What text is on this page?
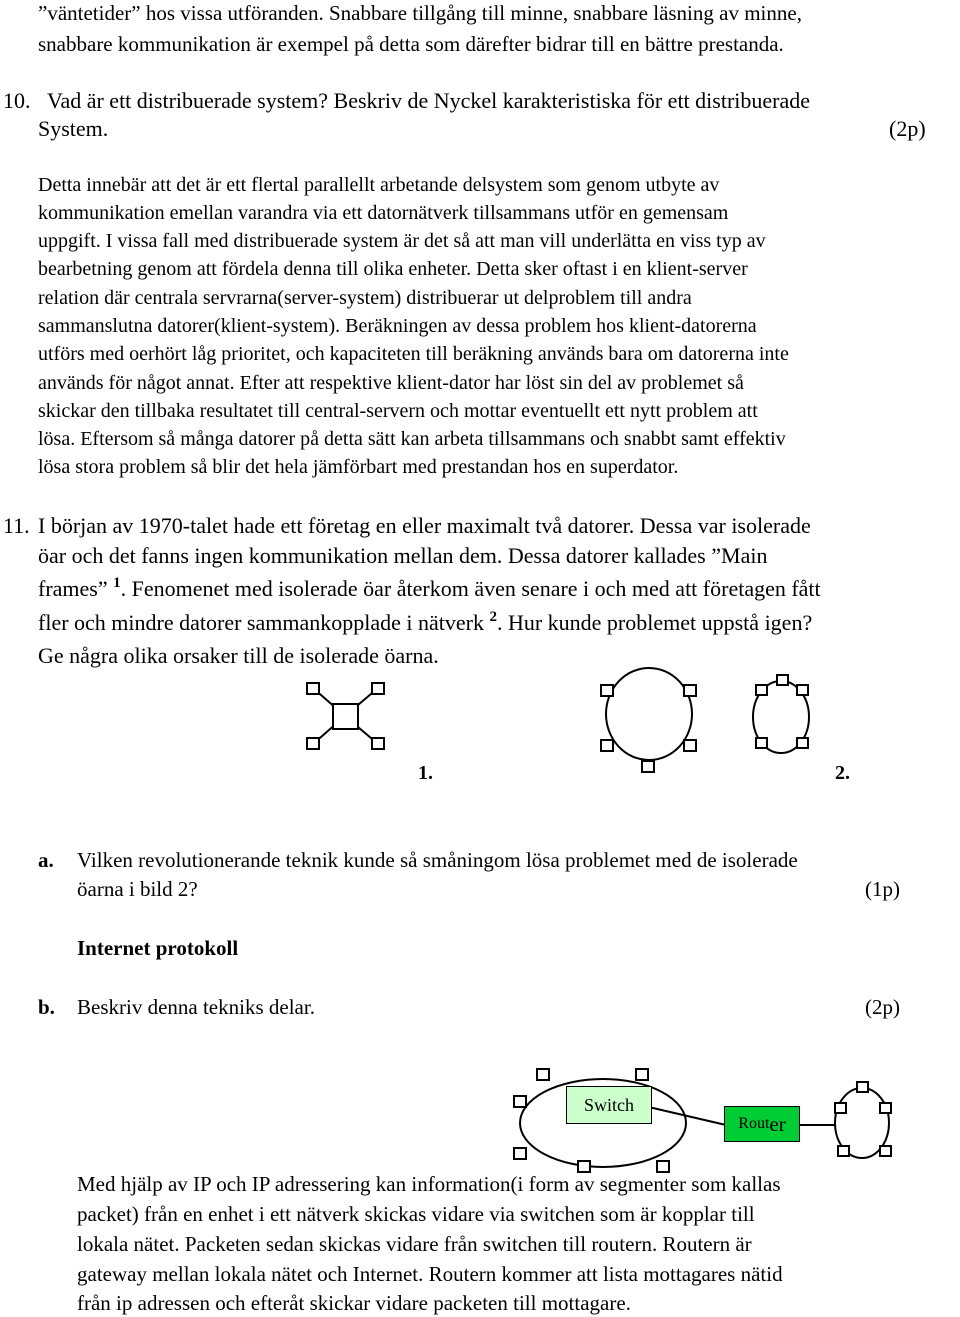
”väntetider” hos vissa utföranden. Snabbare tillgång till minne, snabbare läsning av minne,
snabbare kommunikation är exempel på detta som därefter bidrar till en bättre prestanda.
10. Vad är ett distribuerade system? Beskriv de Nyckel karakteristiska för ett distribuerade
System.	(2p)
Detta innebär att det är ett flertal parallellt arbetande delsystem som genom utbyte av
kommunikation emellan varandra via ett datornätverk tillsammans utför en gemensam
uppgift. I vissa fall med distribuerade system är det så att man vill underlätta en viss typ av
bearbetning genom att fördela denna till olika enheter. Detta sker oftast i en klient-server
relation där centrala servrarna(server-system) distribuerar ut delproblem till andra
sammanslutna datorer(klient-system). Beräkningen av dessa problem hos klient-datorerna
utförs med oerhört låg prioritet, och kapaciteten till beräkning används bara om datorerna inte
används för något annat. Efter att respektive klient-dator har löst sin del av problemet så
skickar den tillbaka resultatet till central-servern och mottar eventuellt ett nytt problem att
lösa. Eftersom så många datorer på detta sätt kan arbeta tillsammans och snabbt samt effektiv
lösa stora problem så blir det hela jämförbart med prestandan hos en superdator.
11. I början av 1970-talet hade ett företag en eller maximalt två datorer. Dessa var isolerade
öar och det fanns ingen kommunikation mellan dem. Dessa datorer kallades ”Main
frames” $^1$. Fenomenet med isolerade öar återkom även senare i och med att företagen fått
fler och mindre datorer sammankopplade i nätverk $^2$. Hur kunde problemet uppstå igen?
Ge några olika orsaker till de isolerade öarna.
1.	2.
a. Vilken revolutionerande teknik kunde så småningom lösa problemet med de isolerade
öarna i bild 2?	(1p)
Internet protokoll
b. Beskriv denna tekniks delar.	(2p)
Switch
Rout er
Med hjälp av IP och IP adressering kan information(i form av segmenter som kallas
packet) från en enhet i ett nätverk skickas vidare via switchen som är kopplar till
lokala nätet. Packeten sedan skickas vidare från switchen till routern. Routern är
gateway mellan lokala nätet och Internet. Routern kommer att lista mottagares nätid
från ip adressen och efteråt skickar vidare packeten till mottagare.
